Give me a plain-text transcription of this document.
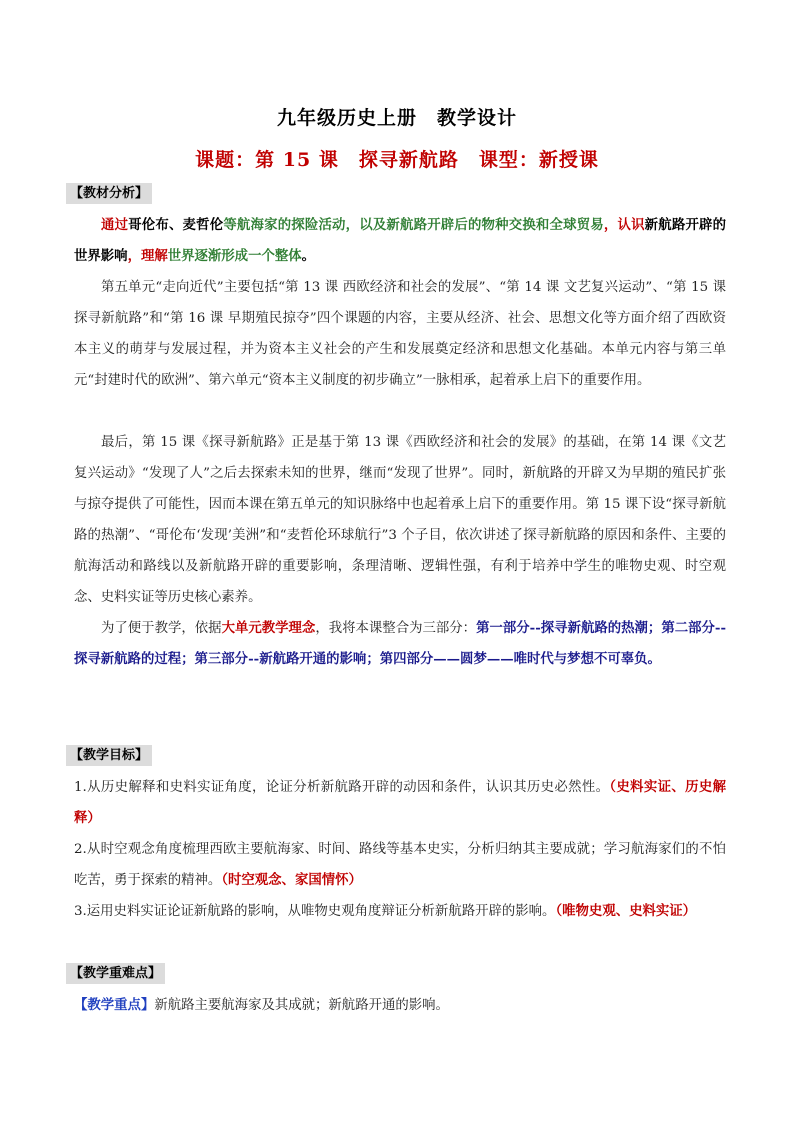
九年级历史上册　教学设计
课题：第 15 课　探寻新航路　课型：新授课
【教材分析】
通过哥伦布、麦哲伦等航海家的探险活动，以及新航路开辟后的物种交换和全球贸易，认识新航路开辟的世界影响，理解世界逐渐形成一个整体。
第五单元“走向近代”主要包括“第 13 课 西欧经济和社会的发展”、“第 14 课 文艺复兴运动”、“第 15 课探寻新航路”和“第 16 课 早期殖民掠夺”四个课题的内容，主要从经济、社会、思想文化等方面介绍了西欧资本主义的萌芽与发展过程，并为资本主义社会的产生和发展奠定经济和思想文化基础。本单元内容与第三单元“封建时代的欧洲”、第六单元“资本主义制度的初步确立”一脉相承，起着承上启下的重要作用。
最后，第 15 课《探寻新航路》正是基于第 13 课《西欧经济和社会的发展》的基础，在第 14 课《文艺复兴运动》“发现了人”之后去探索未知的世界，继而“发现了世界”。同时，新航路的开辟又为早期的殖民扩张与掠夺提供了可能性，因而本课在第五单元的知识脉络中也起着承上启下的重要作用。第 15 课下设“探寻新航路的热潮”、“哥伦布‘发现’美洲”和“麦哲伦环球航行”3 个子目，依次讲述了探寻新航路的原因和条件、主要的航海活动和路线以及新航路开辟的重要影响，条理清晰、逻辑性强，有利于培养中学生的唯物史观、时空观念、史料实证等历史核心素养。
为了便于教学，依据大单元教学理念，我将本课整合为三部分：第一部分--探寻新航路的热潮；第二部分--探寻新航路的过程；第三部分--新航路开通的影响；第四部分——圆梦——唯时代与梦想不可辜负。
【教学目标】
1.从历史解释和史料实证角度，论证分析新航路开辟的动因和条件，认识其历史必然性。（史料实证、历史解释）
2.从时空观念角度梳理西欧主要航海家、时间、路线等基本史实，分析归纳其主要成就；学习航海家们的不怕吃苦，勇于探索的精神。（时空观念、家国情怀）
3.运用史料实证论证新航路的影响，从唯物史观角度辩证分析新航路开辟的影响。（唯物史观、史料实证）
【教学重难点】
【教学重点】新航路主要航海家及其成就；新航路开通的影响。
